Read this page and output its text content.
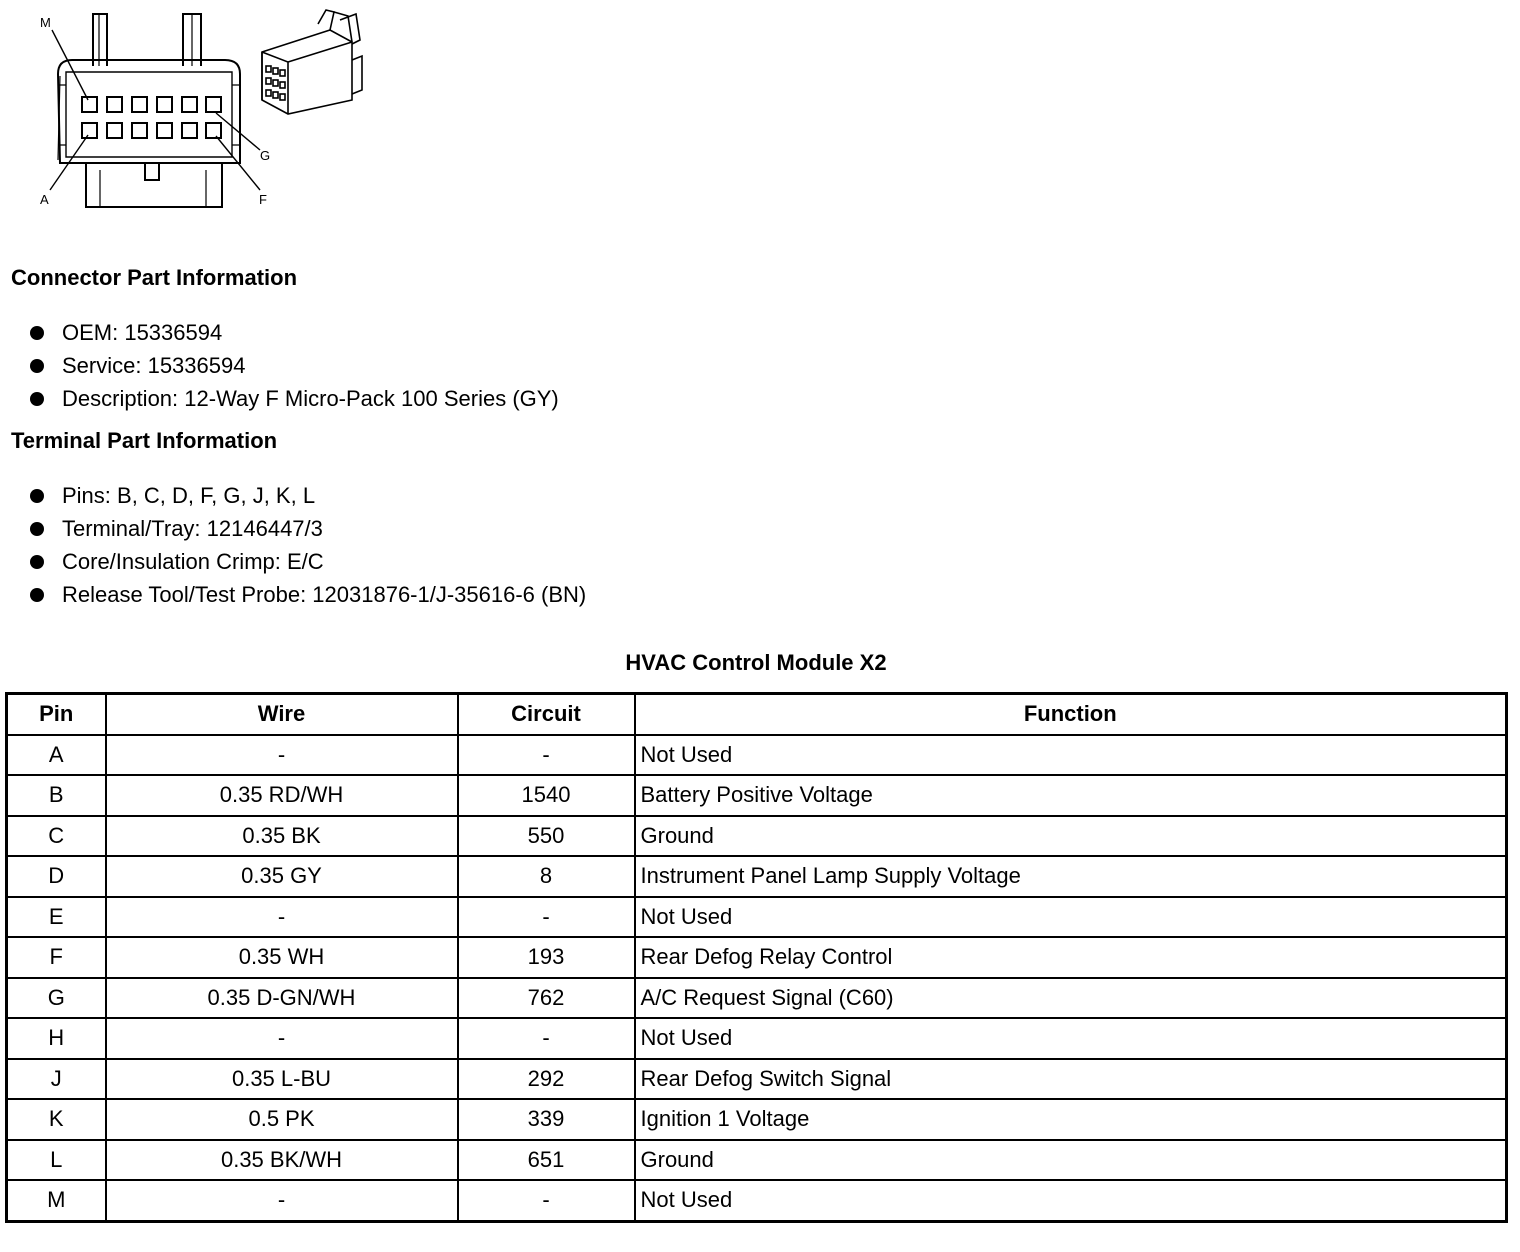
M
G
A	F
Connector Part Information
OEM: 15336594
Service: 15336594
Description: 12-Way F Micro-Pack 100 Series (GY)
Terminal Part Information
Pins: B, C, D, F, G, J, K, L
Terminal/Tray: 12146447/3
Core/Insulation Crimp: E/C
Release Tool/Test Probe: 12031876-1/J-35616-6 (BN)
HVAC Control Module X2
Pin	Wire	Circuit	Function
A	-	-	Not Used
B	0.35 RD/WH	1540	Battery Positive Voltage
C	0.35 BK	550	Ground
D	0.35 GY	8	Instrument Panel Lamp Supply Voltage
E	-	-	Not Used
F	0.35 WH	193	Rear Defog Relay Control
G	0.35 D-GN/WH	762	A/C Request Signal (C60)
H	-	-	Not Used
J	0.35 L-BU	292	Rear Defog Switch Signal
K	0.5 PK	339	Ignition 1 Voltage
L	0.35 BK/WH	651	Ground
M	-	-	Not Used
